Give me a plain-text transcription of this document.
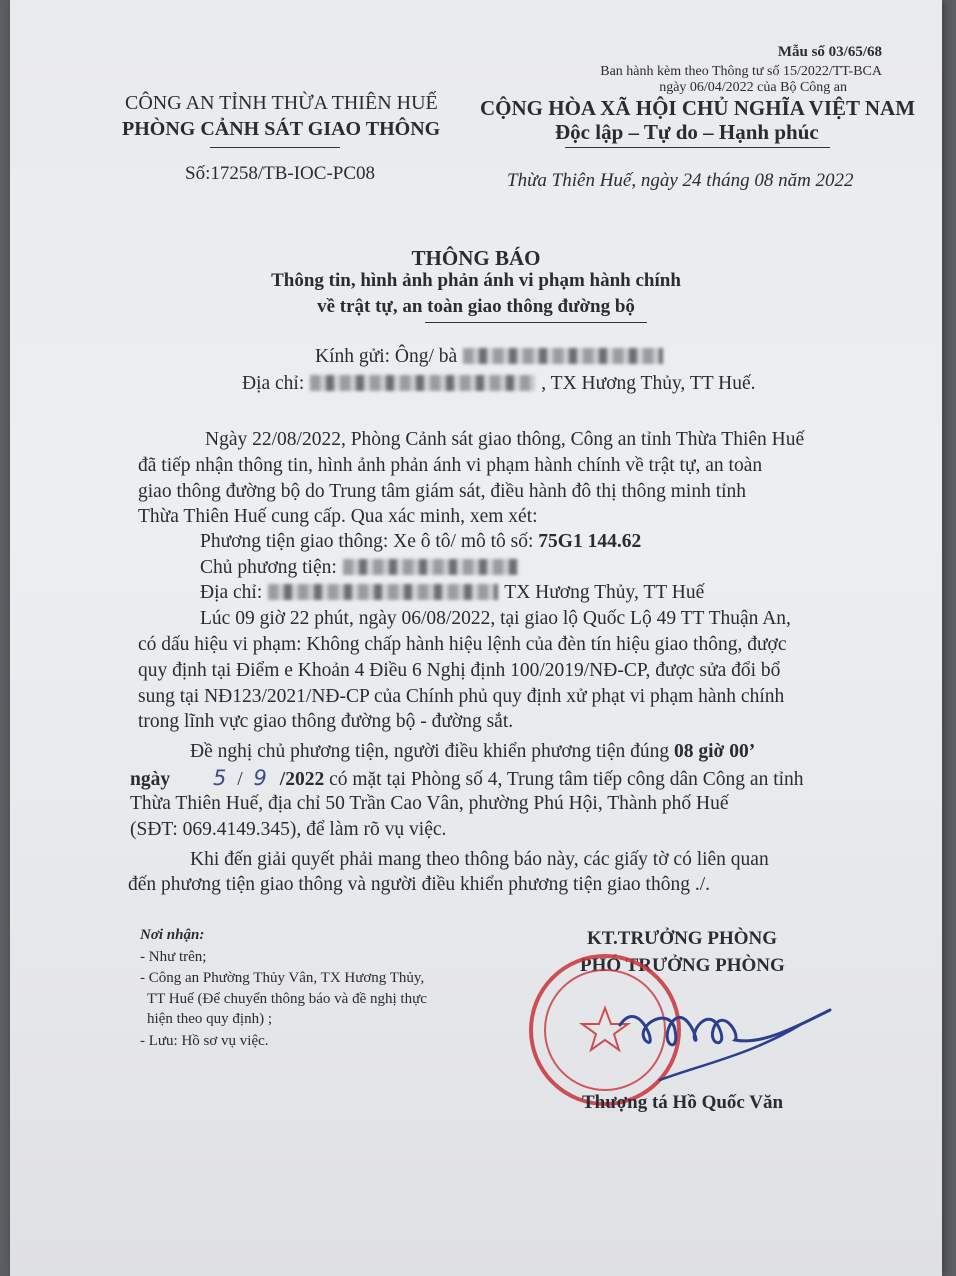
Mẫu số 03/65/68
Ban hành kèm theo Thông tư số 15/2022/TT-BCA
ngày 06/04/2022 của Bộ Công an
CÔNG AN TỈNH THỪA THIÊN HUẾ
PHÒNG CẢNH SÁT GIAO THÔNG
Số:17258/TB-IOC-PC08
CỘNG HÒA XÃ HỘI CHỦ NGHĨA VIỆT NAM
Độc lập – Tự do – Hạnh phúc
Thừa Thiên Huế, ngày 24 tháng 08 năm 2022
THÔNG BÁO
Thông tin, hình ảnh phản ánh vi phạm hành chính
về trật tự, an toàn giao thông đường bộ
Kính gửi: Ông/ bà
Địa chỉ:	, TX Hương Thủy, TT Huế.
Ngày 22/08/2022, Phòng Cảnh sát giao thông, Công an tỉnh Thừa Thiên Huế
đã tiếp nhận thông tin, hình ảnh phản ánh vi phạm hành chính về trật tự, an toàn
giao thông đường bộ do Trung tâm giám sát, điều hành đô thị thông minh tỉnh
Thừa Thiên Huế cung cấp. Qua xác minh, xem xét:
Phương tiện giao thông: Xe ô tô/ mô tô số: 75G1 144.62
Chủ phương tiện:
Địa chỉ:	TX Hương Thủy, TT Huế
Lúc 09 giờ 22 phút, ngày 06/08/2022, tại giao lộ Quốc Lộ 49 TT Thuận An,
có dấu hiệu vi phạm: Không chấp hành hiệu lệnh của đèn tín hiệu giao thông, được
quy định tại Điểm e Khoản 4 Điều 6 Nghị định 100/2019/NĐ-CP, được sửa đổi bổ
sung tại NĐ123/2021/NĐ-CP của Chính phủ quy định xử phạt vi phạm hành chính
trong lĩnh vực giao thông đường bộ - đường sắt.
Đề nghị chủ phương tiện, người điều khiển phương tiện đúng 08 giờ 00’
ngày 5 / 9 /2022 có mặt tại Phòng số 4, Trung tâm tiếp công dân Công an tỉnh
Thừa Thiên Huế, địa chỉ 50 Trần Cao Vân, phường Phú Hội, Thành phố Huế
(SĐT: 069.4149.345), để làm rõ vụ việc.
Khi đến giải quyết phải mang theo thông báo này, các giấy tờ có liên quan
đến phương tiện giao thông và người điều khiển phương tiện giao thông ./.
Nơi nhận:
- Như trên;
- Công an Phường Thủy Vân, TX Hương Thủy,
TT Huế (Để chuyển thông báo và đề nghị thực
hiện theo quy định) ;
- Lưu: Hồ sơ vụ việc.
KT.TRƯỞNG PHÒNG
PHÓ TRƯỞNG PHÒNG
Thượng tá Hồ Quốc Văn
